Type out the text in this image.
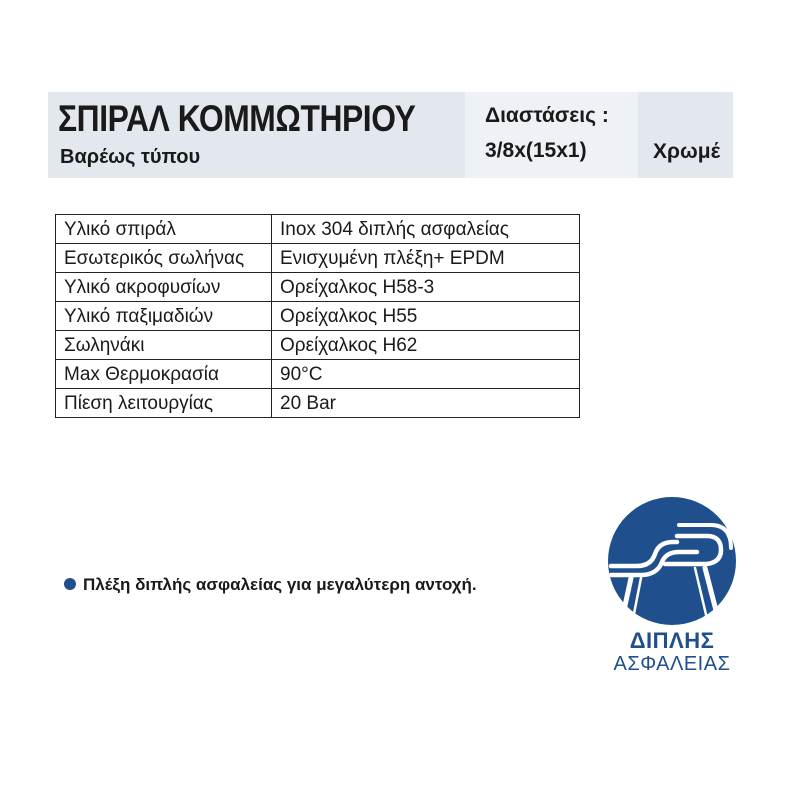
ΣΠΙΡΑΛ ΚΟΜΜΩΤΗΡΙΟΥ
Βαρέως τύπου
Διαστάσεις :
3/8x(15x1)	Χρωμέ
Υλικό σπιράλ	Inox 304 διπλής ασφαλείας
Εσωτερικός σωλήνας	Ενισχυμένη πλέξη+ EPDM
Υλικό ακροφυσίων	Ορείχαλκος H58-3
Υλικό παξιμαδιών	Ορείχαλκος H55
Σωληνάκι	Ορείχαλκος H62
Max Θερμοκρασία	90°C
Πίεση λειτουργίας	20 Bar
Πλέξη διπλής ασφαλείας για μεγαλύτερη αντοχή.
ΔΙΠΛΗΣ
ΑΣΦΑΛΕΙΑΣ
